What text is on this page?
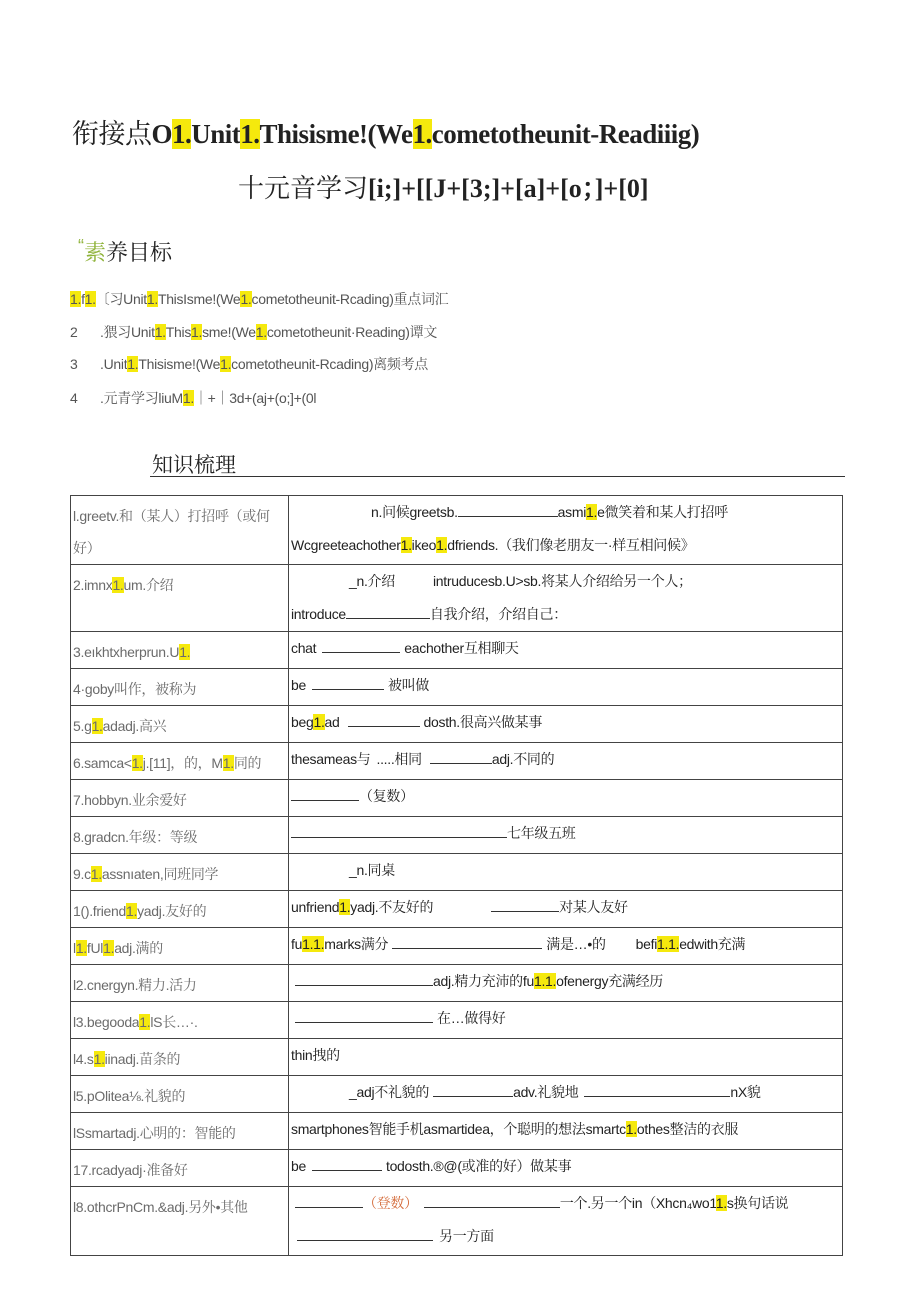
衔接点O1.Unit1.Thisisme!(We1.cometotheunit-Readiiig)
十元音学习[i;]+[[J+[3;]+[a]+[o；]+[0]
“素养目标
1.f1.〔习Unit1.ThisIsme!(We1.cometotheunit-Rcading)重点词汇
2 .猥习Unit1.This1.sme!(We1.cometotheunit·Reading)谭文
3 .Unit1.Thisisme!(We1.cometotheunit-Rcading)离频考点
4 .元青学习liuM1.｜+｜3d+(aj+(o;]+(0l
知识梳理
l.greetv.和（某人）打招呼（或何好）	n.问候greetsb. asmi1.e微笑着和某人打招呼
Wcgreeteachother1.ikeo1.dfriends.（我们像老朋友一·样互相问候》

2.imnx1.um.介绍	_n.介绍 intruducesb.U>sb.将某人介绍给另一个人；
introduce 自我介绍，介绍自己：

3.eıkhtxherprun.U1.	chat eachother互相聊天

4·goby叫作，被称为	be 被叫做

5.g1.adadj.高兴	beg1.ad dosth.很高兴做某事

6.samca<1.j.[11]，的，M1.同的	thesameas与 .....相同 adj.不同的

7.hobbyn.业余爱好	（复数）

8.gradcn.年级：等级	七年级五班

9.c1.assnıaten,同班同学	_n.同桌

1().friend1.yadj.友好的	unfriend1.yadj.不友好的 对某人友好

l1.fUl1.adj.满的	fu1.1.marks满分 满是…•的 befi1.1.edwith充满

l2.cnergyn.精力.活力	adj.精力充沛的fu1.1.ofenergy充满经历

l3.begooda1.lS长…·.	在…做得好

l4.s1.iinadj.苗条的	thin拽的

l5.pOlitea⅛.礼貌的	_adj不礼貌的 adv.礼貌地 nX貌

lSsmartadj.心明的：智能的	smartphones智能手机asmartidea，个聪明的想法smartc1.othes整洁的衣服

17.rcadyadj·准备好	be todosth.®@(或准的好）做某事

l8.othcrPnCm.&adj.另外•其他	（登数） 一个.另一个in（Xhcn₄wo11.s换句话说
另一方面
